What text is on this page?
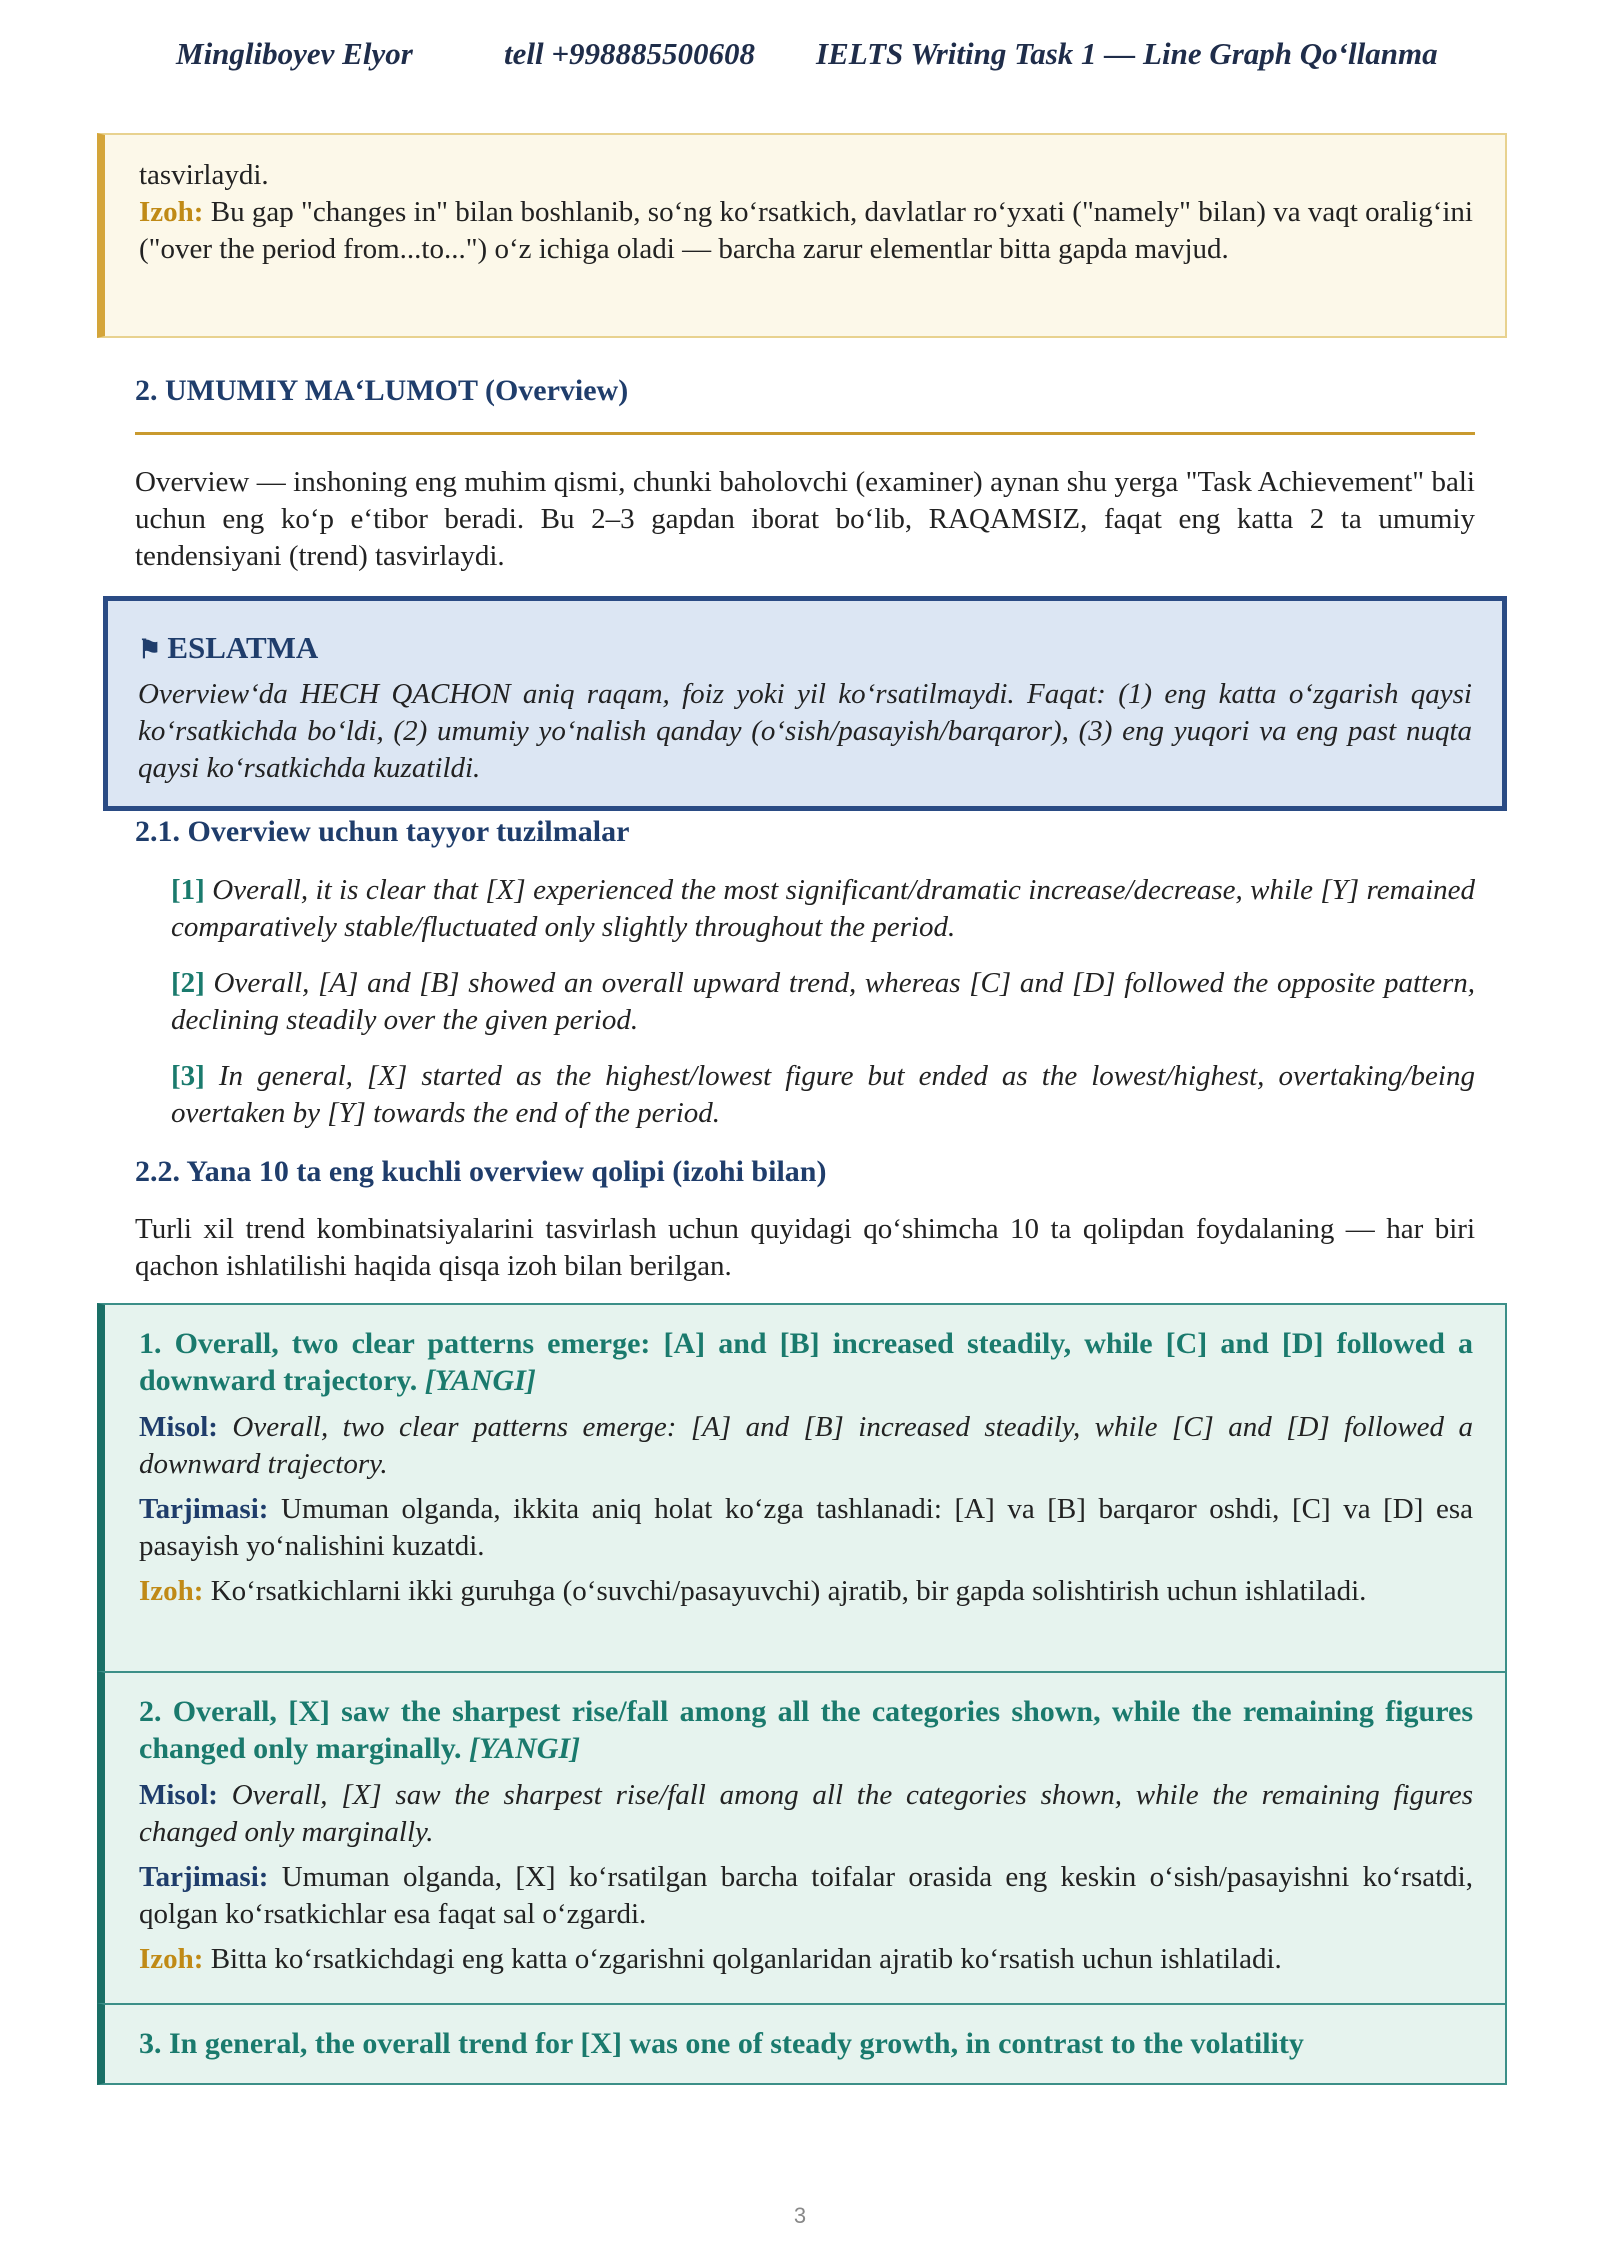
Mingliboyev Elyor	tell +998885500608 IELTS Writing Task 1 — Line Graph Qo‘llanma

tasvirlaydi.

Izoh: Bu gap "changes in" bilan boshlanib, so‘ng ko‘rsatkich, davlatlar ro‘yxati ("namely" bilan) va vaqt oralig‘ini ("over the period from...to...") o‘z ichiga oladi — barcha zarur elementlar bitta gapda mavjud.

2. UMUMIY MA‘LUMOT (Overview)

Overview — inshoning eng muhim qismi, chunki baholovchi (examiner) aynan shu yerga "Task Achievement" bali uchun eng ko‘p e‘tibor beradi. Bu 2–3 gapdan iborat bo‘lib, RAQAMSIZ, faqat eng katta 2 ta umumiy tendensiyani (trend) tasvirlaydi.

⚑ ESLATMA

Overview‘da HECH QACHON aniq raqam, foiz yoki yil ko‘rsatilmaydi. Faqat: (1) eng katta o‘zgarish qaysi ko‘rsatkichda bo‘ldi, (2) umumiy yo‘nalish qanday (o‘sish/pasayish/barqaror), (3) eng yuqori va eng past nuqta qaysi ko‘rsatkichda kuzatildi.

2.1. Overview uchun tayyor tuzilmalar

[1] Overall, it is clear that [X] experienced the most significant/dramatic increase/decrease, while [Y] remained comparatively stable/fluctuated only slightly throughout the period.

[2] Overall, [A] and [B] showed an overall upward trend, whereas [C] and [D] followed the opposite pattern, declining steadily over the given period.

[3] In general, [X] started as the highest/lowest figure but ended as the lowest/highest, overtaking/being overtaken by [Y] towards the end of the period.

2.2. Yana 10 ta eng kuchli overview qolipi (izohi bilan)

Turli xil trend kombinatsiyalarini tasvirlash uchun quyidagi qo‘shimcha 10 ta qolipdan foydalaning — har biri qachon ishlatilishi haqida qisqa izoh bilan berilgan.

1. Overall, two clear patterns emerge: [A] and [B] increased steadily, while [C] and [D] followed a downward trajectory. [YANGI]

Misol: Overall, two clear patterns emerge: [A] and [B] increased steadily, while [C] and [D] followed a downward trajectory.

Tarjimasi: Umuman olganda, ikkita aniq holat ko‘zga tashlanadi: [A] va [B] barqaror oshdi, [C] va [D] esa pasayish yo‘nalishini kuzatdi.

Izoh: Ko‘rsatkichlarni ikki guruhga (o‘suvchi/pasayuvchi) ajratib, bir gapda solishtirish uchun ishlatiladi.

2. Overall, [X] saw the sharpest rise/fall among all the categories shown, while the remaining figures changed only marginally. [YANGI]

Misol: Overall, [X] saw the sharpest rise/fall among all the categories shown, while the remaining figures changed only marginally.

Tarjimasi: Umuman olganda, [X] ko‘rsatilgan barcha toifalar orasida eng keskin o‘sish/pasayishni ko‘rsatdi, qolgan ko‘rsatkichlar esa faqat sal o‘zgardi.

Izoh: Bitta ko‘rsatkichdagi eng katta o‘zgarishni qolganlaridan ajratib ko‘rsatish uchun ishlatiladi.

3. In general, the overall trend for [X] was one of steady growth, in contrast to the volatility

3
